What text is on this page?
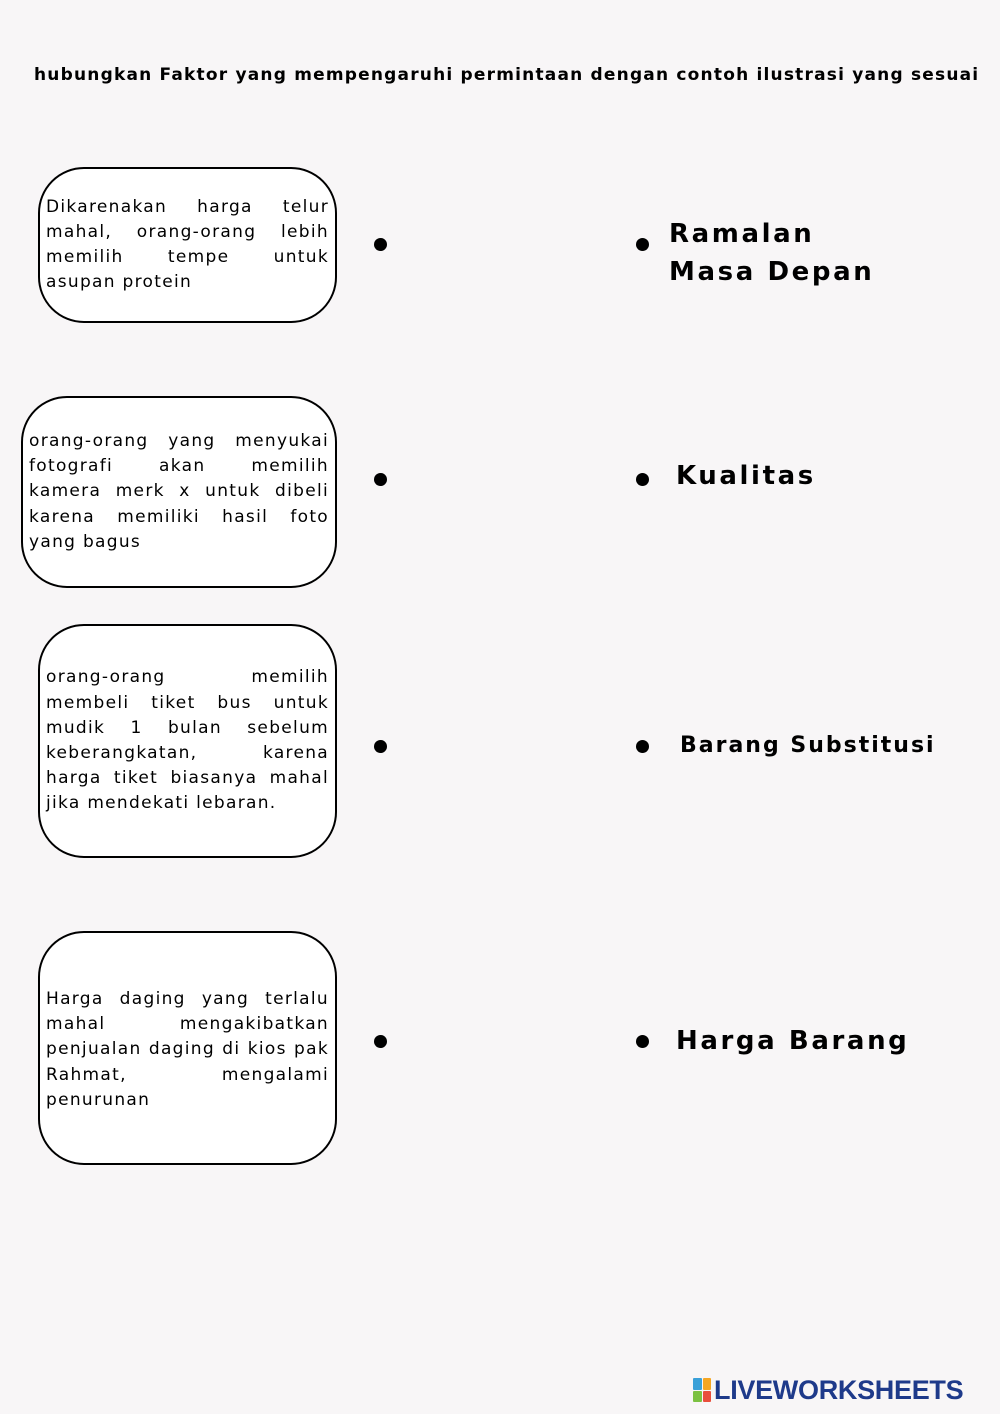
hubungkan Faktor yang mempengaruhi permintaan dengan contoh ilustrasi yang sesuai

Dikarenakan harga telur mahal, orang-orang lebih memilih tempe untuk asupan protein
orang-orang yang menyukai fotografi akan memilih kamera merk x untuk dibeli karena memiliki hasil foto yang bagus
orang-orang memilih membeli tiket bus untuk mudik 1 bulan sebelum keberangkatan, karena harga tiket biasanya mahal jika mendekati lebaran.
Harga daging yang terlalu mahal mengakibatkan penjualan daging di kios pak Rahmat, mengalami penurunan
Ramalan
Masa Depan
Kualitas
Barang Substitusi
Harga Barang
LIVEWORKSHEETS
